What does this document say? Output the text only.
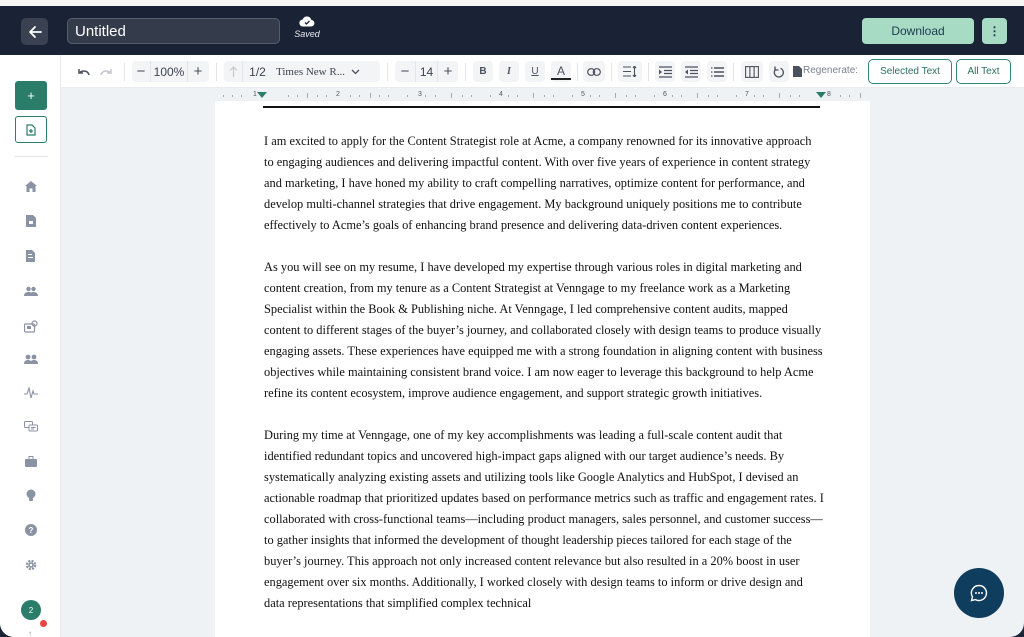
Untitled	Saved	Download	⋮
+
?
2
↑
− 100% +	1/2 Times New R...	− 14 +	B	I	U	A	Regenerate:	Selected Text	All Text
1	2	3	4	5	6	7	8

I am excited to apply for the Content Strategist role at Acme, a company renowned for its innovative approach to engaging audiences and delivering impactful content. With over five years of experience in content strategy and marketing, I have honed my ability to craft compelling narratives, optimize content for performance, and develop multi-channel strategies that drive engagement. My background uniquely positions me to contribute effectively to Acme’s goals of enhancing brand presence and delivering data-driven content experiences.

As you will see on my resume, I have developed my expertise through various roles in digital marketing and content creation, from my tenure as a Content Strategist at Venngage to my freelance work as a Marketing Specialist within the Book & Publishing niche. At Venngage, I led comprehensive content audits, mapped content to different stages of the buyer’s journey, and collaborated closely with design teams to produce visually engaging assets. These experiences have equipped me with a strong foundation in aligning content with business objectives while maintaining consistent brand voice. I am now eager to leverage this background to help Acme refine its content ecosystem, improve audience engagement, and support strategic growth initiatives.

During my time at Venngage, one of my key accomplishments was leading a full-scale content audit that identified redundant topics and uncovered high-impact gaps aligned with our target audience’s needs. By systematically analyzing existing assets and utilizing tools like Google Analytics and HubSpot, I devised an actionable roadmap that prioritized updates based on performance metrics such as traffic and engagement rates. I collaborated with cross-functional teams—including product managers, sales personnel, and customer success—to gather insights that informed the development of thought leadership pieces tailored for each stage of the buyer’s journey. This approach not only increased content relevance but also resulted in a 20% boost in user engagement over six months. Additionally, I worked closely with design teams to inform or drive design and data representations that simplified complex technical
